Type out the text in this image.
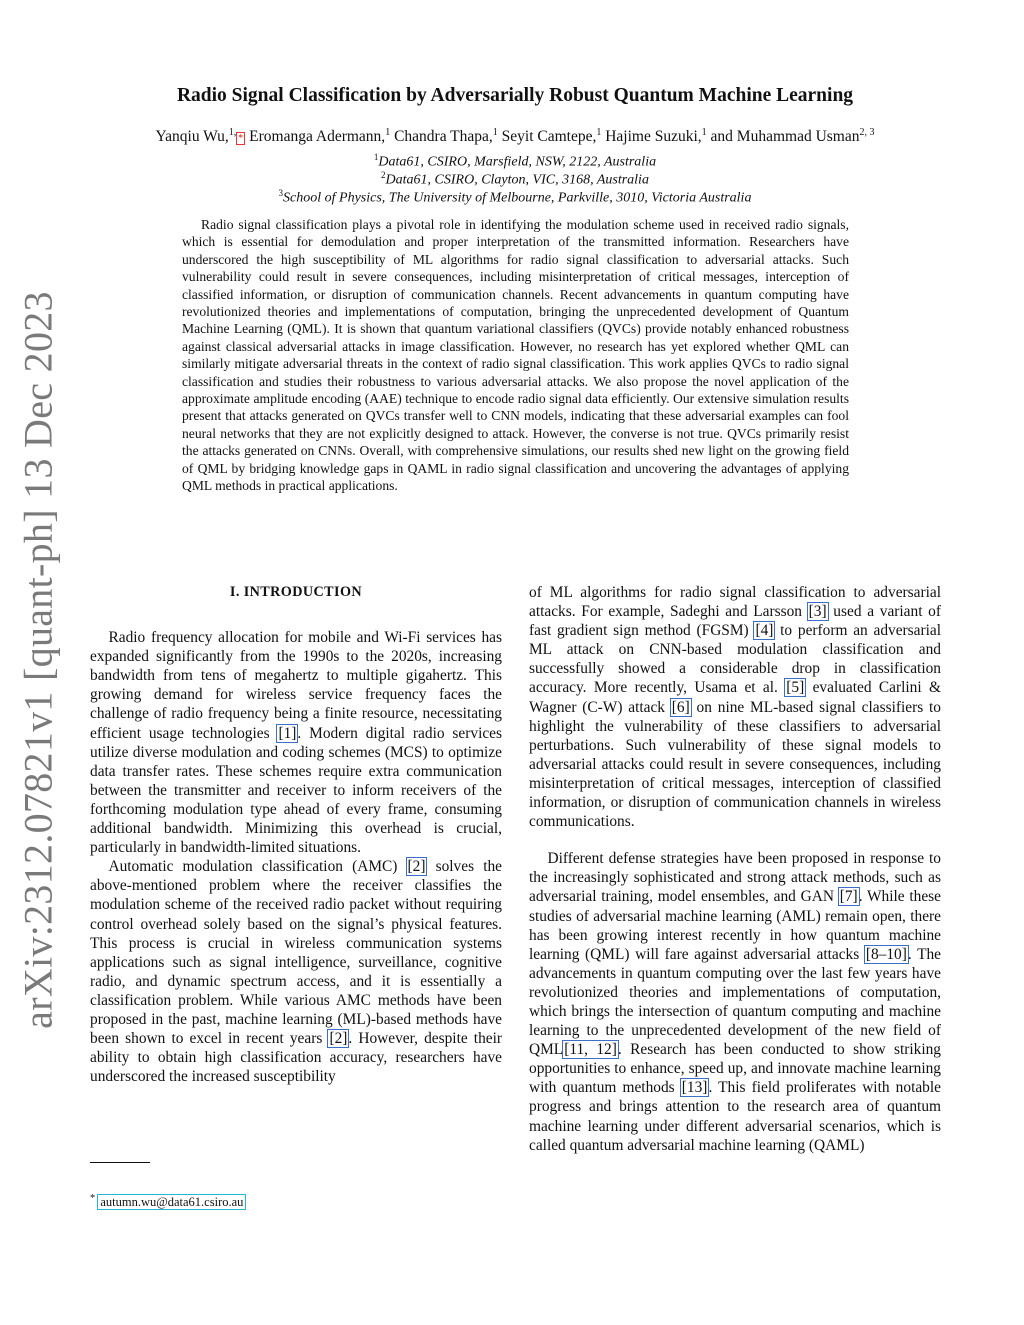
arXiv:2312.07821v1 [quant-ph] 13 Dec 2023
Radio Signal Classification by Adversarially Robust Quantum Machine Learning
Yanqiu Wu,$^{1,}$* Eromanga Adermann,$^1$ Chandra Thapa,$^1$ Seyit Camtepe,$^1$ Hajime Suzuki,$^1$ and Muhammad Usman$^{2, 3}$
$^1$Data61, CSIRO, Marsfield, NSW, 2122, Australia
$^2$Data61, CSIRO, Clayton, VIC, 3168, Australia
$^3$School of Physics, The University of Melbourne, Parkville, 3010, Victoria Australia
Radio signal classification plays a pivotal role in identifying the modulation scheme used in received radio signals, which is essential for demodulation and proper interpretation of the transmitted information. Researchers have underscored the high susceptibility of ML algorithms for radio signal classification to adversarial attacks. Such vulnerability could result in severe consequences, including misinterpretation of critical messages, interception of classified information, or disruption of communication channels. Recent advancements in quantum computing have revolutionized theories and implementations of computation, bringing the unprecedented development of Quantum Machine Learning (QML). It is shown that quantum variational classifiers (QVCs) provide notably enhanced robustness against classical adversarial attacks in image classification. However, no research has yet explored whether QML can similarly mitigate adversarial threats in the context of radio signal classification. This work applies QVCs to radio signal classification and studies their robustness to various adversarial attacks. We also propose the novel application of the approximate amplitude encoding (AAE) technique to encode radio signal data efficiently. Our extensive simulation results present that attacks generated on QVCs transfer well to CNN models, indicating that these adversarial examples can fool neural networks that they are not explicitly designed to attack. However, the converse is not true. QVCs primarily resist the attacks generated on CNNs. Overall, with comprehensive simulations, our results shed new light on the growing field of QML by bridging knowledge gaps in QAML in radio signal classification and uncovering the advantages of applying QML methods in practical applications.

I. INTRODUCTION

Radio frequency allocation for mobile and Wi-Fi services has expanded significantly from the 1990s to the 2020s, increasing bandwidth from tens of megahertz to multiple gigahertz. This growing demand for wireless service frequency faces the challenge of radio frequency being a finite resource, necessitating efficient usage technologies [1]. Modern digital radio services utilize diverse modulation and coding schemes (MCS) to optimize data transfer rates. These schemes require extra communication between the transmitter and receiver to inform receivers of the forthcoming modulation type ahead of every frame, consuming additional bandwidth. Minimizing this overhead is crucial, particularly in bandwidth-limited situations.

Automatic modulation classification (AMC) [2] solves the above-mentioned problem where the receiver classifies the modulation scheme of the received radio packet without requiring control overhead solely based on the signal’s physical features. This process is crucial in wireless communication systems applications such as signal intelligence, surveillance, cognitive radio, and dynamic spectrum access, and it is essentially a classification problem. While various AMC methods have been proposed in the past, machine learning (ML)-based methods have been shown to excel in recent years [2]. However, despite their ability to obtain high classification accuracy, researchers have underscored the increased susceptibility

of ML algorithms for radio signal classification to adversarial attacks. For example, Sadeghi and Larsson [3] used a variant of fast gradient sign method (FGSM) [4] to perform an adversarial ML attack on CNN-based modulation classification and successfully showed a considerable drop in classification accuracy. More recently, Usama et al. [5] evaluated Carlini & Wagner (C-W) attack [6] on nine ML-based signal classifiers to highlight the vulnerability of these classifiers to adversarial perturbations. Such vulnerability of these signal models to adversarial attacks could result in severe consequences, including misinterpretation of critical messages, interception of classified information, or disruption of communication channels in wireless communications.

Different defense strategies have been proposed in response to the increasingly sophisticated and strong attack methods, such as adversarial training, model ensembles, and GAN [7]. While these studies of adversarial machine learning (AML) remain open, there has been growing interest recently in how quantum machine learning (QML) will fare against adversarial attacks [8–10]. The advancements in quantum computing over the last few years have revolutionized theories and implementations of computation, which brings the intersection of quantum computing and machine learning to the unprecedented development of the new field of QML[11, 12]. Research has been conducted to show striking opportunities to enhance, speed up, and innovate machine learning with quantum methods [13]. This field proliferates with notable progress and brings attention to the research area of quantum machine learning under different adversarial scenarios, which is called quantum adversarial machine learning (QAML)

* autumn.wu@data61.csiro.au
